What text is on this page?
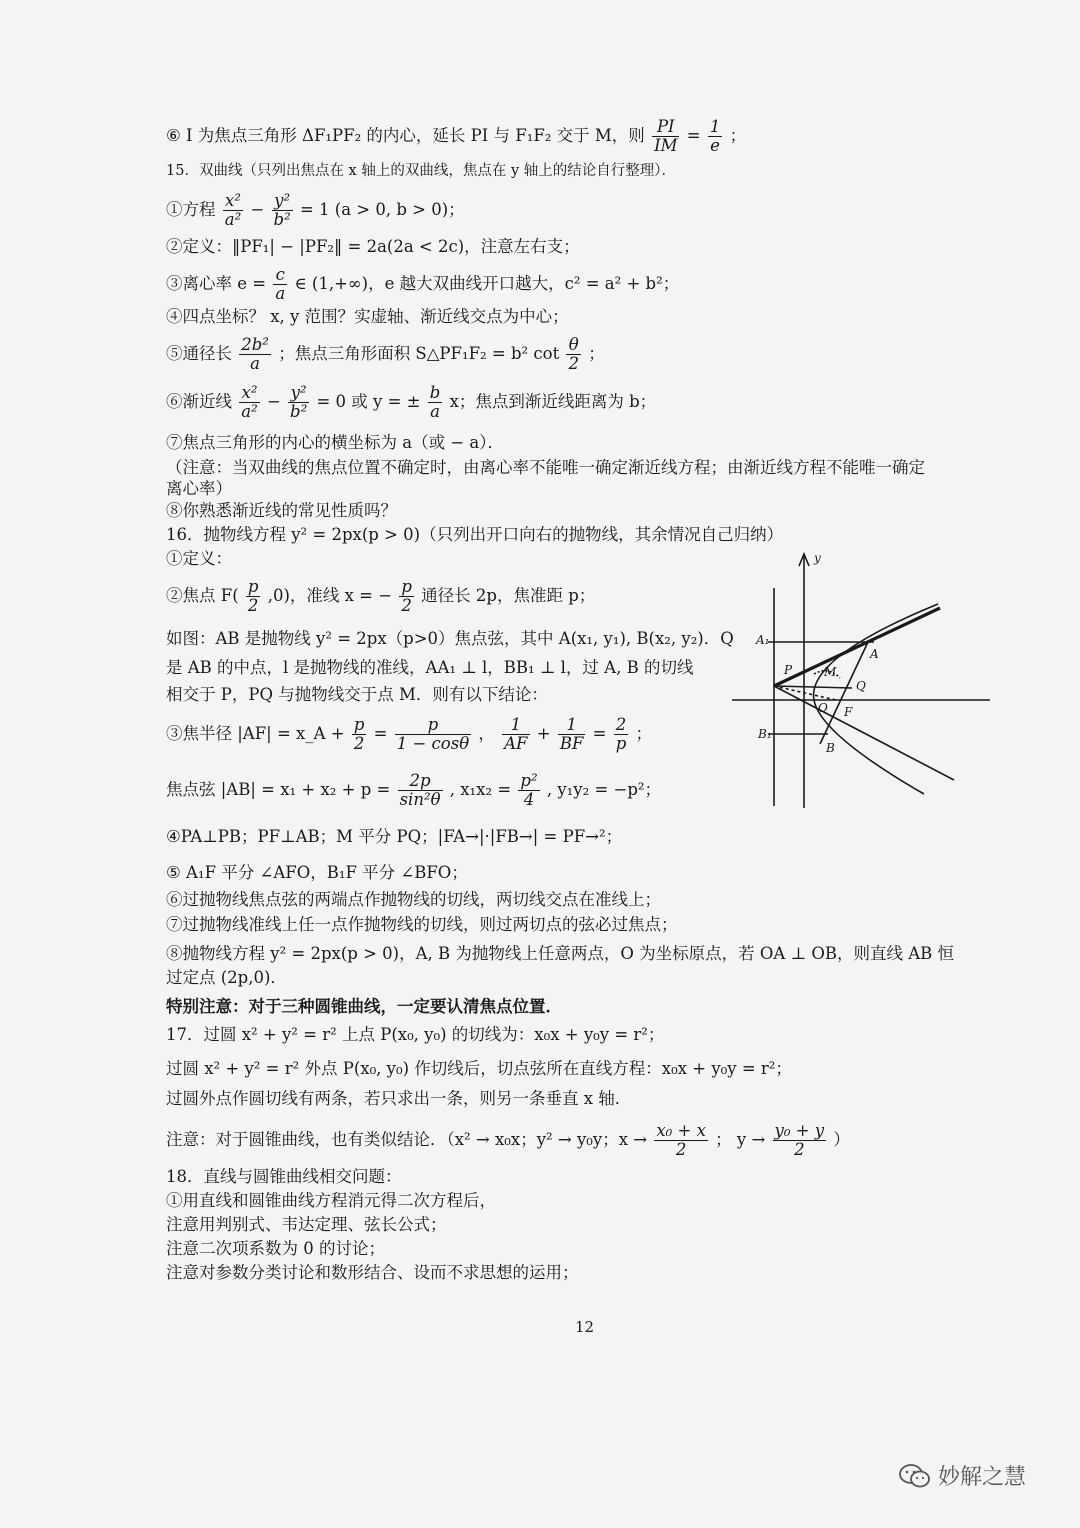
⑥ I 为焦点三角形 ΔF₁PF₂ 的内心，延长 PI 与 F₁F₂ 交于 M，则 $\frac{PI}{IM} = \frac{1}{e}$ ；
15．双曲线（只列出焦点在 x 轴上的双曲线，焦点在 y 轴上的结论自行整理）．
①方程 $\frac{\text{x²}}{\text{a²}} - \frac{\text{y²}}{\text{b²}} = 1$ (a > 0, b > 0)；
②定义：‖PF₁| − |PF₂‖ = 2a(2a < 2c)，注意左右支；
③离心率 $e = \frac{c}{a}$ ∈ (1,+∞)，e 越大双曲线开口越大，c² = a² + b²；
④四点坐标？ x, y 范围？实虚轴、渐近线交点为中心；
⑤通径长 $\frac{\text{2b²}}{a}$ ；焦点三角形面积 S△PF₁F₂ = b² $\cot \frac{\theta}{2}$ ；
⑥渐近线 $\frac{\text{x²}}{\text{a²}} - \frac{\text{y²}}{\text{b²}} = 0$ 或 y = ± $\frac{b}{a}$ x；焦点到渐近线距离为 b；
⑦焦点三角形的内心的横坐标为 a（或 − a）．
（注意：当双曲线的焦点位置不确定时，由离心率不能唯一确定渐近线方程；由渐近线方程不能唯一确定
离心率）
⑧你熟悉渐近线的常见性质吗？
16．抛物线方程 y² = 2px(p > 0)（只列出开口向右的抛物线，其余情况自己归纳）
①定义：
②焦点 $F( \frac{p}{2} ,0)$，准线 x = − $\frac{p}{2}$ 通径长 2p，焦准距 p；
如图：AB 是抛物线 y² = 2px（p>0）焦点弦，其中 A(x₁, y₁), B(x₂, y₂)．Q
是 AB 的中点，l 是抛物线的准线，AA₁ ⊥ l，BB₁ ⊥ l，过 A, B 的切线
相交于 P，PQ 与抛物线交于点 M．则有以下结论：
③焦半径 |AF| = x_A + $\frac{p}{2} = \frac{p}{1 - \cos\theta}$ ， $\frac{1}{AF} + \frac{1}{BF} = \frac{2}{p}$ ；
焦点弦 $|AB| = x_1 + x_2 + p = \frac{2p}{\text{sin²θ}}$ , $x_1x_2 = \frac{\text{p²}}{4}$ , y₁y₂ = −p²；
④PA⊥PB；PF⊥AB；M 平分 PQ；|FA→|·|FB→| = PF→²；
⑤ A₁F 平分 ∠AFO，B₁F 平分 ∠BFO；
⑥过抛物线焦点弦的两端点作抛物线的切线，两切线交点在准线上；
⑦过抛物线准线上任一点作抛物线的切线，则过两切点的弦必过焦点；
⑧抛物线方程 y² = 2px(p > 0)，A, B 为抛物线上任意两点，O 为坐标原点，若 OA ⊥ OB，则直线 AB 恒
过定点 (2p,0)．
特别注意：对于三种圆锥曲线，一定要认清焦点位置．
17．过圆 x² + y² = r² 上点 P(x₀, y₀) 的切线为：x₀x + y₀y = r²；
过圆 x² + y² = r² 外点 P(x₀, y₀) 作切线后，切点弦所在直线方程：x₀x + y₀y = r²；
过圆外点作圆切线有两条，若只求出一条，则另一条垂直 x 轴．
注意：对于圆锥曲线，也有类似结论．（x² → x₀x；y² → y₀y；$x \to \frac{\text{x₀ + x}}{2}$ ； $y \to \frac{\text{y₀ + y}}{2}$ ）
18．直线与圆锥曲线相交问题：
①用直线和圆锥曲线方程消元得二次方程后，
注意用判别式、韦达定理、弦长公式；
注意二次项系数为 0 的讨论；
注意对参数分类讨论和数形结合、设而不求思想的运用；
y
A₁
P	M
A
Q
O F
B₁
B
12
妙解之慧
